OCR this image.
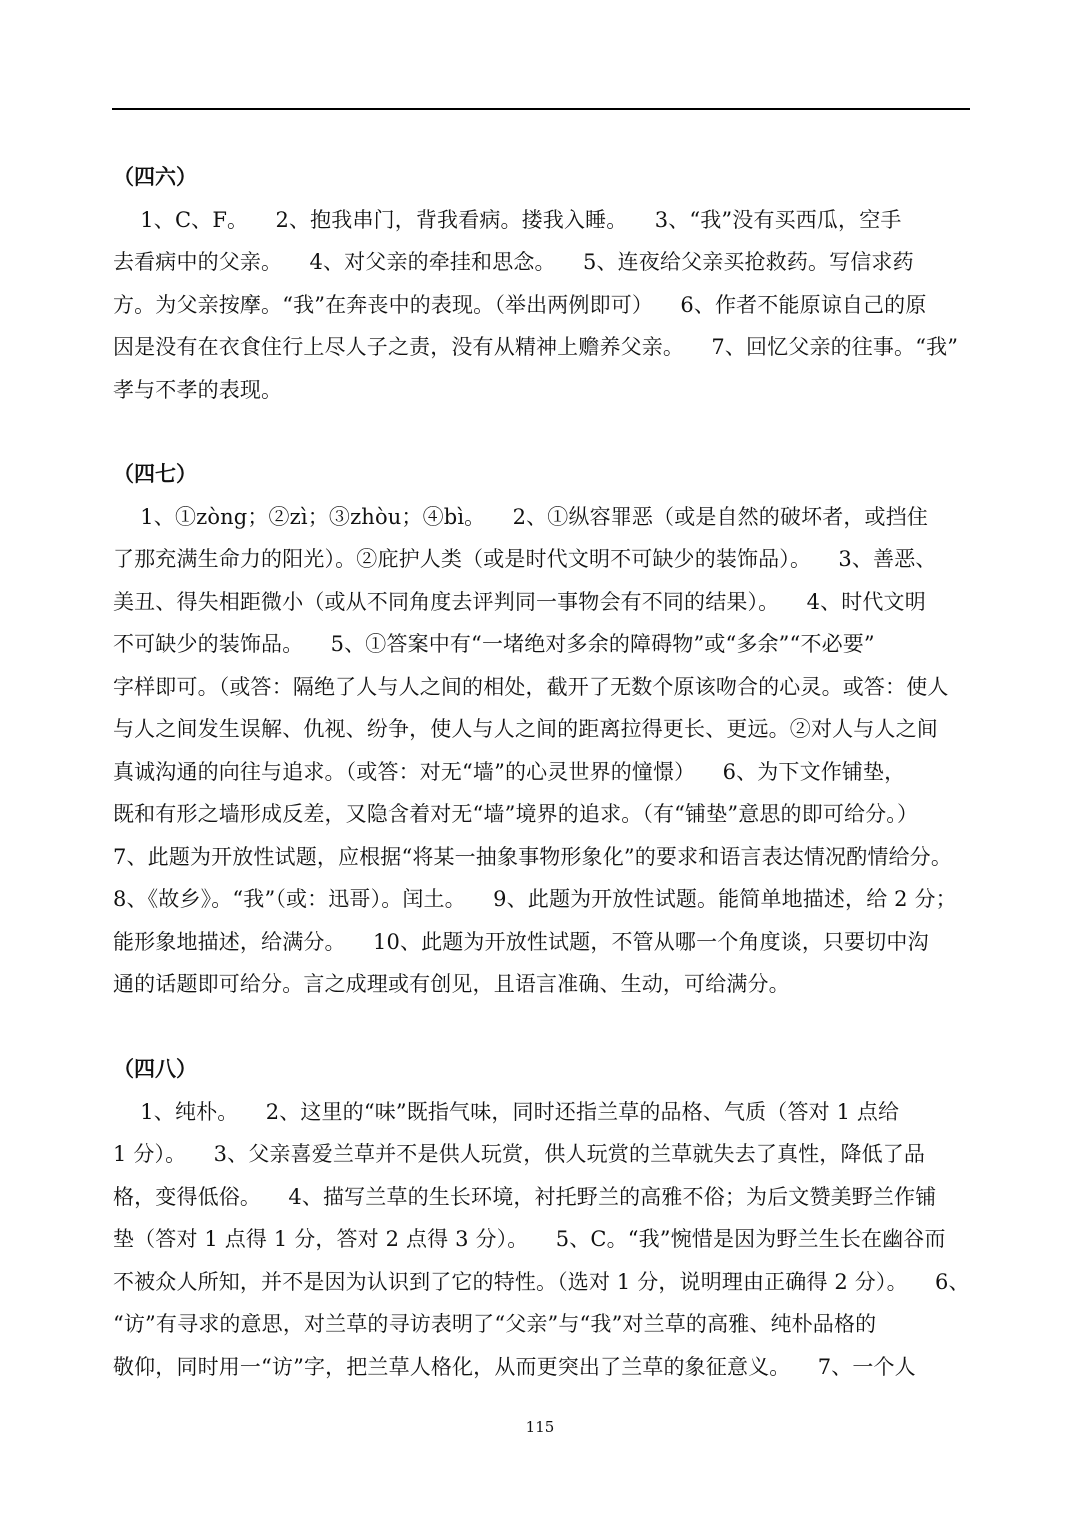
（四六）
1、C、F。    2、抱我串门，背我看病。搂我入睡。    3、“我”没有买西瓜，空手
去看病中的父亲。    4、对父亲的牵挂和思念。    5、连夜给父亲买抢救药。写信求药
方。为父亲按摩。“我”在奔丧中的表现。（举出两例即可）    6、作者不能原谅自己的原
因是没有在衣食住行上尽人子之责，没有从精神上赡养父亲。    7、回忆父亲的往事。“我”
孝与不孝的表现。
（四七）
1、①zòng；②zì；③zhòu；④bì。    2、①纵容罪恶（或是自然的破坏者，或挡住
了那充满生命力的阳光）。②庇护人类（或是时代文明不可缺少的装饰品）。    3、善恶、
美丑、得失相距微小（或从不同角度去评判同一事物会有不同的结果）。    4、时代文明
不可缺少的装饰品。    5、①答案中有“一堵绝对多余的障碍物”或“多余”“不必要”
字样即可。（或答：隔绝了人与人之间的相处，截开了无数个原该吻合的心灵。或答：使人
与人之间发生误解、仇视、纷争，使人与人之间的距离拉得更长、更远。②对人与人之间
真诚沟通的向往与追求。（或答：对无“墙”的心灵世界的憧憬）    6、为下文作铺垫，
既和有形之墙形成反差，又隐含着对无“墙”境界的追求。（有“铺垫”意思的即可给分。）
7、此题为开放性试题，应根据“将某一抽象事物形象化”的要求和语言表达情况酌情给分。
8、《故乡》。“我”（或：迅哥）。闰土。    9、此题为开放性试题。能简单地描述，给 2 分；
能形象地描述，给满分。    10、此题为开放性试题，不管从哪一个角度谈，只要切中沟
通的话题即可给分。言之成理或有创见，且语言准确、生动，可给满分。
（四八）
1、纯朴。    2、这里的“味”既指气味，同时还指兰草的品格、气质（答对 1 点给
1 分）。    3、父亲喜爱兰草并不是供人玩赏，供人玩赏的兰草就失去了真性，降低了品
格，变得低俗。    4、描写兰草的生长环境，衬托野兰的高雅不俗；为后文赞美野兰作铺
垫（答对 1 点得 1 分，答对 2 点得 3 分）。    5、C。“我”惋惜是因为野兰生长在幽谷而
不被众人所知，并不是因为认识到了它的特性。（选对 1 分，说明理由正确得 2 分）。    6、
“访”有寻求的意思，对兰草的寻访表明了“父亲”与“我”对兰草的高雅、纯朴品格的
敬仰，同时用一“访”字，把兰草人格化，从而更突出了兰草的象征意义。    7、一个人
115
